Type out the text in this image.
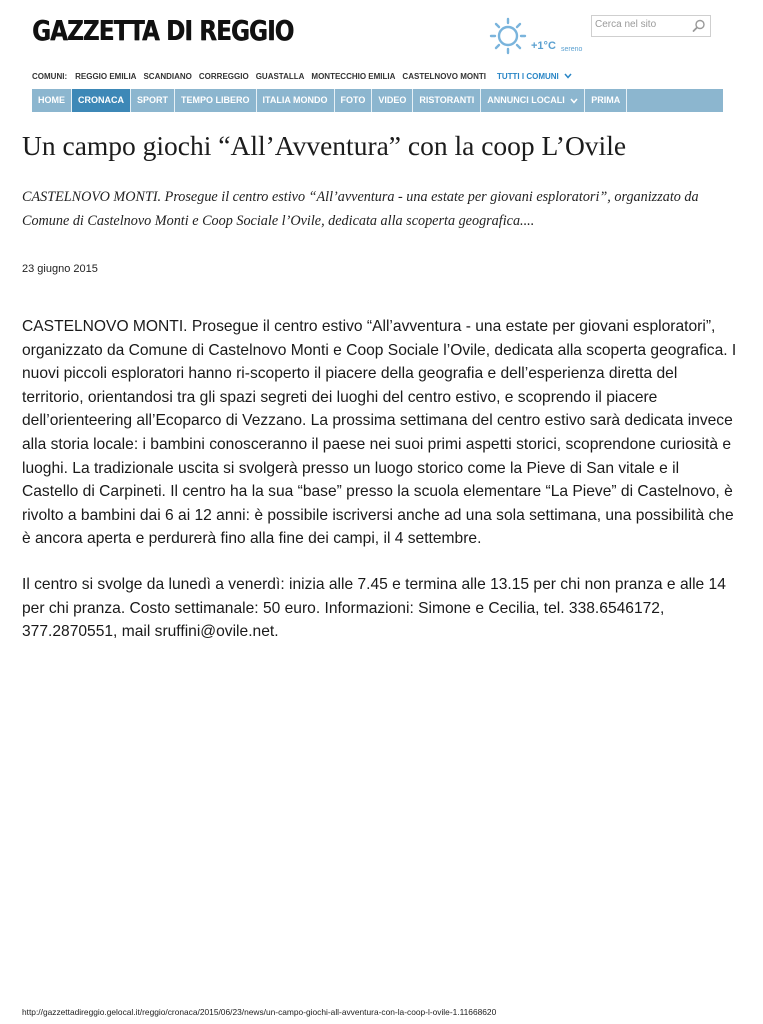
GAZZETTA DI REGGIO	+1°C sereno
Cerca nel sito
COMUNI: REGGIO EMILIA SCANDIANO CORREGGIO GUASTALLA MONTECCHIO EMILIA CASTELNOVO MONTI TUTTI I COMUNI
HOME	CRONACA	SPORT	TEMPO LIBERO	ITALIA MONDO	FOTO	VIDEO	RISTORANTI	ANNUNCI LOCALI	PRIMA
Un campo giochi “All’Avventura” con la coop L’Ovile

CASTELNOVO MONTI. Prosegue il centro estivo “All’avventura - una estate per giovani esploratori”, organizzato da Comune di Castelnovo Monti e Coop Sociale l’Ovile, dedicata alla scoperta geografica....

23 giugno 2015

CASTELNOVO MONTI. Prosegue il centro estivo “All’avventura - una estate per giovani esploratori”, organizzato da Comune di Castelnovo Monti e Coop Sociale l’Ovile, dedicata alla scoperta geografica. I nuovi piccoli esploratori hanno ri-scoperto il piacere della geografia e dell’esperienza diretta del territorio, orientandosi tra gli spazi segreti dei luoghi del centro estivo, e scoprendo il piacere dell’orienteering all’Ecoparco di Vezzano. La prossima settimana del centro estivo sarà dedicata invece alla storia locale: i bambini conosceranno il paese nei suoi primi aspetti storici, scoprendone curiosità e luoghi. La tradizionale uscita si svolgerà presso un luogo storico come la Pieve di San vitale e il Castello di Carpineti. Il centro ha la sua “base” presso la scuola elementare “La Pieve” di Castelnovo, è rivolto a bambini dai 6 ai 12 anni: è possibile iscriversi anche ad una sola settimana, una possibilità che è ancora aperta e perdurerà fino alla fine dei campi, il 4 settembre.

Il centro si svolge da lunedì a venerdì: inizia alle 7.45 e termina alle 13.15 per chi non pranza e alle 14 per chi pranza. Costo settimanale: 50 euro. Informazioni: Simone e Cecilia, tel. 338.6546172, 377.2870551, mail sruffini@ovile.net.

http://gazzettadireggio.gelocal.it/reggio/cronaca/2015/06/23/news/un-campo-giochi-all-avventura-con-la-coop-l-ovile-1.11668620
